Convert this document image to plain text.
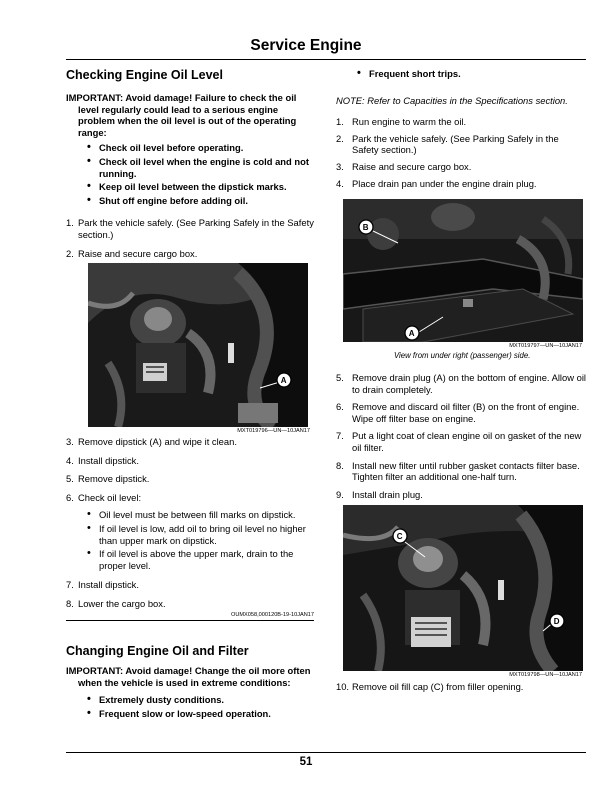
Service Engine
Checking Engine Oil Level

IMPORTANT: Avoid damage! Failure to check the oil level regularly could lead to a serious engine problem when the oil level is out of the operating range:

• Check oil level before operating.
• Check oil level when the engine is cold and not running.
• Keep oil level between the dipstick marks.
• Shut off engine before adding oil.
1. Park the vehicle safely. (See Parking Safely in the Safety section.)
2. Raise and secure cargo box.
A
MXT019796—UN—10JAN17
3. Remove dipstick (A) and wipe it clean.
4. Install dipstick.
5. Remove dipstick.
6. Check oil level:
• Oil level must be between fill marks on dipstick.
• If oil level is low, add oil to bring oil level no higher than upper mark on dipstick.
• If oil level is above the upper mark, drain to the proper level.
7. Install dipstick.
8. Lower the cargo box.
OUMX058,000120B-19-10JAN17
Changing Engine Oil and Filter

IMPORTANT: Avoid damage! Change the oil more often when the vehicle is used in extreme conditions:

• Extremely dusty conditions.
• Frequent slow or low-speed operation.
• Frequent short trips.

NOTE: Refer to Capacities in the Specifications section.

1. Run engine to warm the oil.
2. Park the vehicle safely. (See Parking Safely in the Safety section.)
3. Raise and secure cargo box.
4. Place drain pan under the engine drain plug.
B
A
MXT019797—UN—10JAN17
View from under right (passenger) side.
5. Remove drain plug (A) on the bottom of engine. Allow oil to drain completely.
6. Remove and discard oil filter (B) on the front of engine. Wipe off filter base on engine.
7. Put a light coat of clean engine oil on gasket of the new oil filter.
8. Install new filter until rubber gasket contacts filter base. Tighten filter an additional one-half turn.
9. Install drain plug.
C
D
MXT019798—UN—10JAN17
10. Remove oil fill cap (C) from filler opening.
51
